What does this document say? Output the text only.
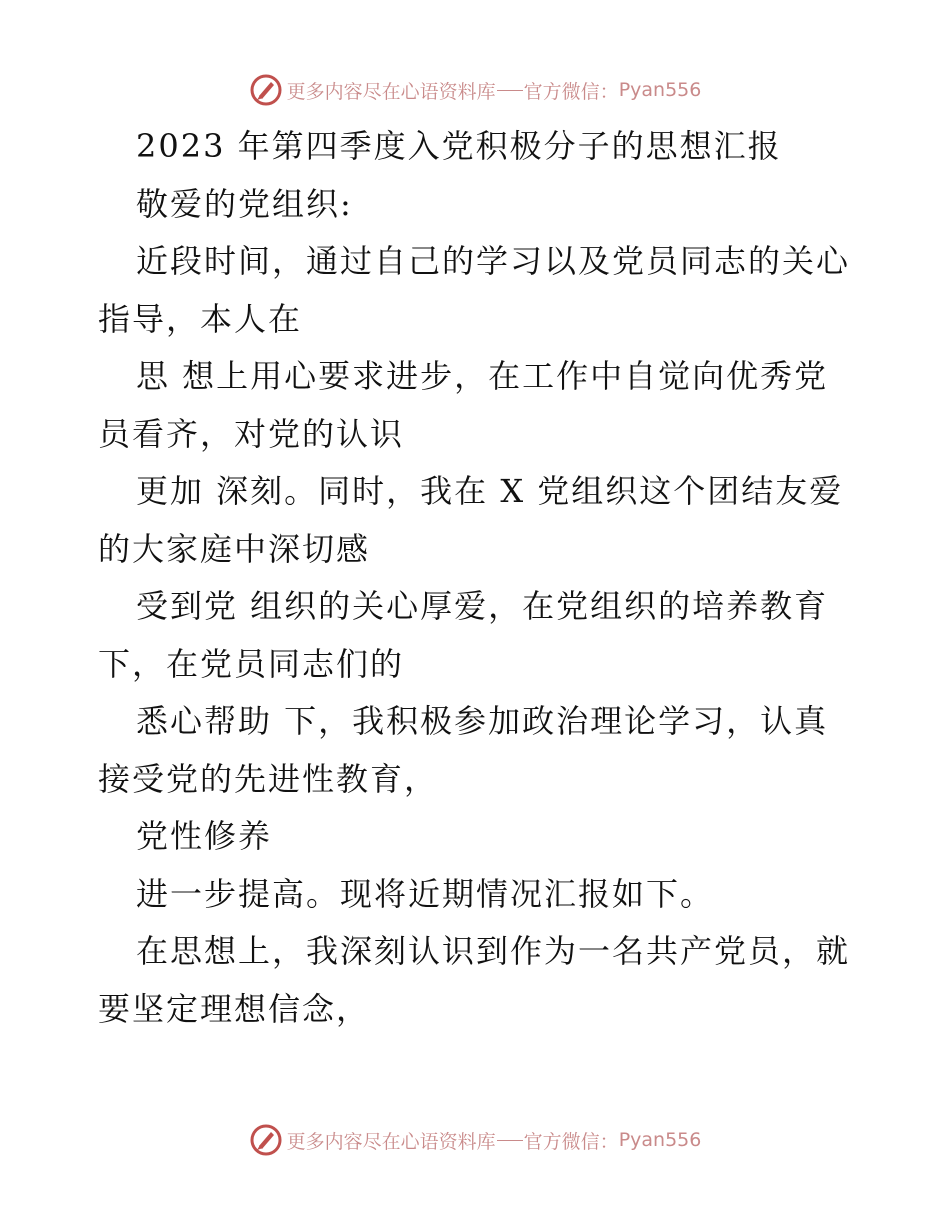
更多内容尽在心语资料库 官方微信： Pyan556

2023 年第四季度入党积极分子的思想汇报

敬爱的党组织:

近段时间，通过自己的学习以及党员同志的关心指导，本人在

思 想上用心要求进步，在工作中自觉向优秀党员看齐，对党的认识

更加 深刻。同时，我在 X 党组织这个团结友爱的大家庭中深切感

受到党 组织的关心厚爱，在党组织的培养教育下，在党员同志们的

悉心帮助 下，我积极参加政治理论学习，认真接受党的先进性教育，

党性修养

进一步提高。现将近期情况汇报如下。

在思想上，我深刻认识到作为一名共产党员，就要坚定理想信念，

更多内容尽在心语资料库 官方微信： Pyan556
